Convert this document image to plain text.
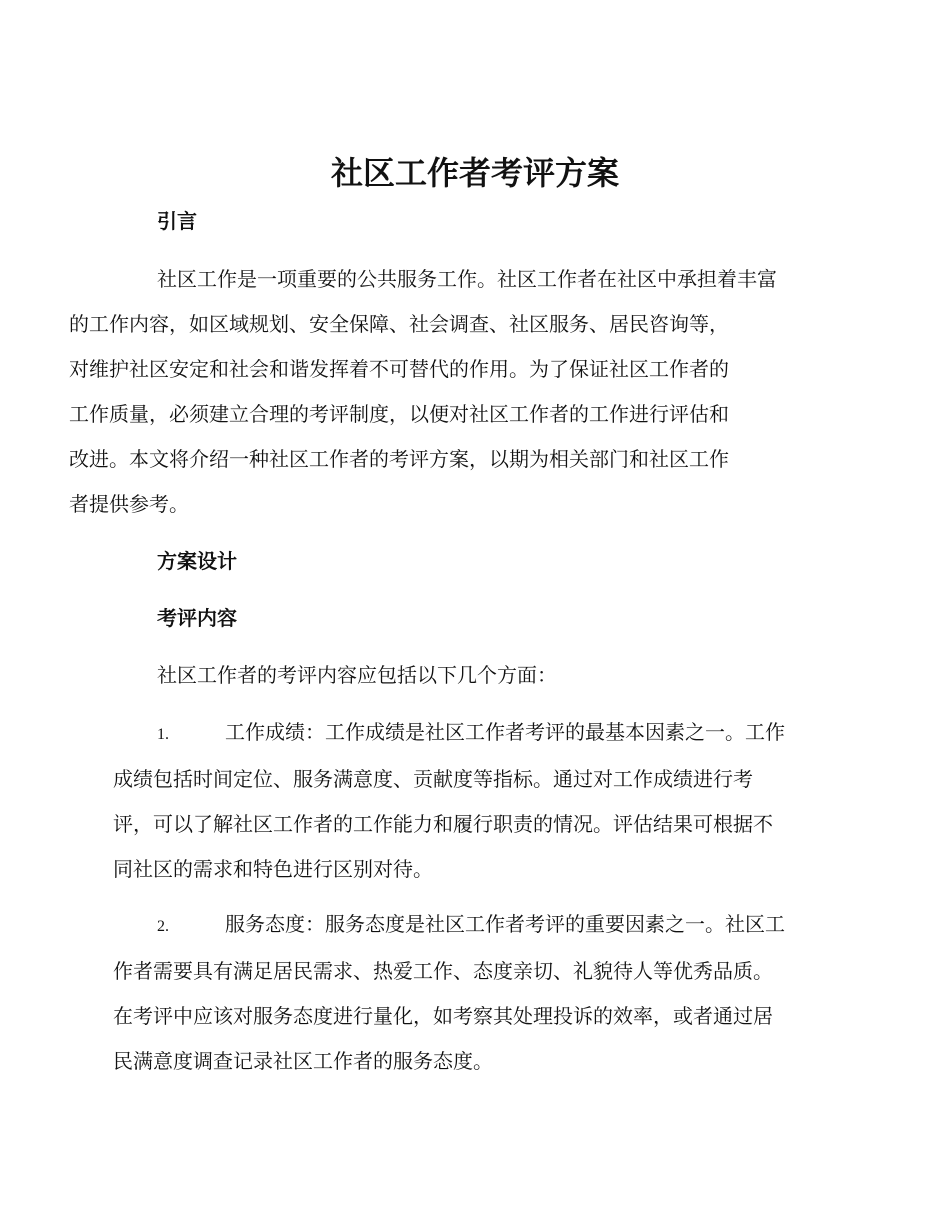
社区工作者考评方案
引言

社区工作是一项重要的公共服务工作。社区工作者在社区中承担着丰富
的工作内容，如区域规划、安全保障、社会调查、社区服务、居民咨询等，
对维护社区安定和社会和谐发挥着不可替代的作用。为了保证社区工作者的
工作质量，必须建立合理的考评制度，以便对社区工作者的工作进行评估和
改进。本文将介绍一种社区工作者的考评方案，以期为相关部门和社区工作
者提供参考。

方案设计
考评内容

社区工作者的考评内容应包括以下几个方面：

1.	工作成绩：工作成绩是社区工作者考评的最基本因素之一。工作
成绩包括时间定位、服务满意度、贡献度等指标。通过对工作成绩进行考
评，可以了解社区工作者的工作能力和履行职责的情况。评估结果可根据不
同社区的需求和特色进行区别对待。
2.	服务态度：服务态度是社区工作者考评的重要因素之一。社区工
作者需要具有满足居民需求、热爱工作、态度亲切、礼貌待人等优秀品质。
在考评中应该对服务态度进行量化，如考察其处理投诉的效率，或者通过居
民满意度调查记录社区工作者的服务态度。
